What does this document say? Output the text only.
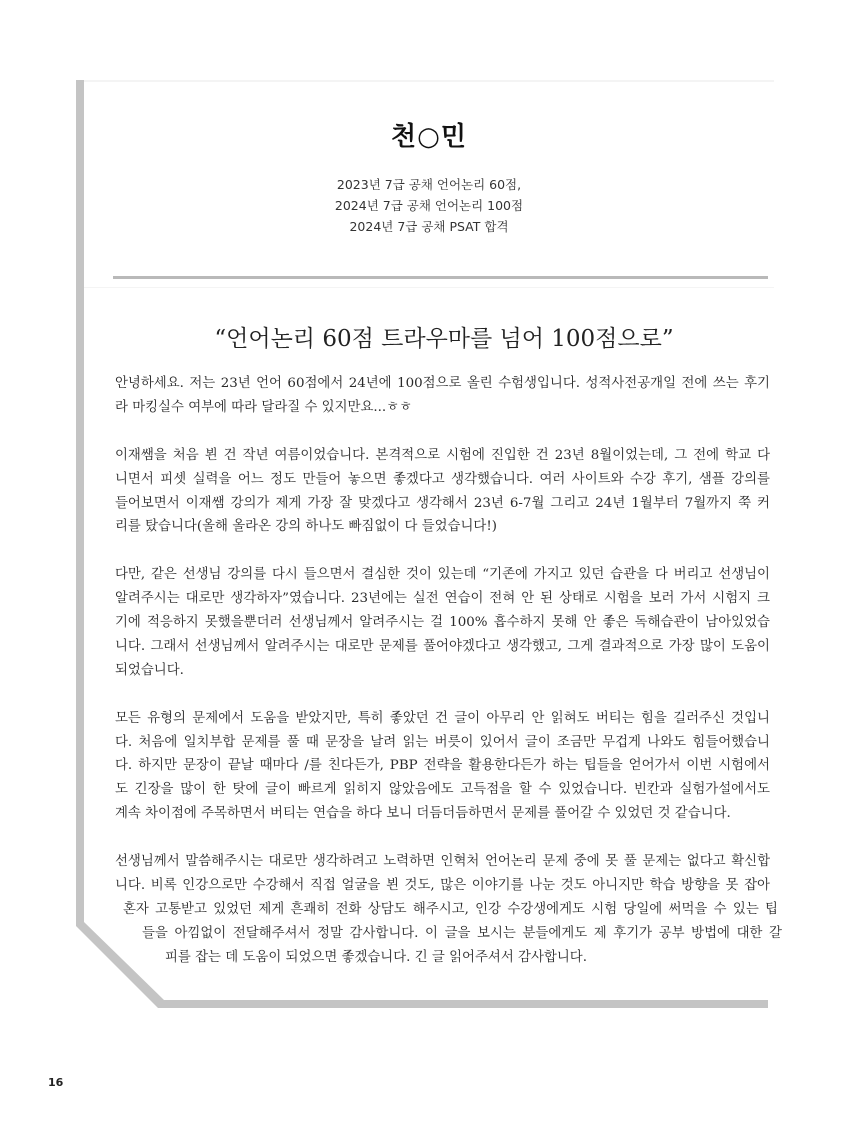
천○민
2023년 7급 공채 언어논리 60점,
2024년 7급 공채 언어논리 100점
2024년 7급 공채 PSAT 합격
“언어논리 60점 트라우마를 넘어 100점으로”

안녕하세요. 저는 23년 언어 60점에서 24년에 100점으로 올린 수험생입니다. 성적사전공개일 전에 쓰는 후기
라 마킹실수 여부에 따라 달라질 수 있지만요...ㅎㅎ

이재쌤을 처음 뵌 건 작년 여름이었습니다. 본격적으로 시험에 진입한 건 23년 8월이었는데, 그 전에 학교 다
니면서 피셋 실력을 어느 정도 만들어 놓으면 좋겠다고 생각했습니다. 여러 사이트와 수강 후기, 샘플 강의를
들어보면서 이재쌤 강의가 제게 가장 잘 맞겠다고 생각해서 23년 6-7월 그리고 24년 1월부터 7월까지 쭉 커
리를 탔습니다(올해 올라온 강의 하나도 빠짐없이 다 들었습니다!)

다만, 같은 선생님 강의를 다시 들으면서 결심한 것이 있는데 “기존에 가지고 있던 습관을 다 버리고 선생님이
알려주시는 대로만 생각하자”였습니다. 23년에는 실전 연습이 전혀 안 된 상태로 시험을 보러 가서 시험지 크
기에 적응하지 못했을뿐더러 선생님께서 알려주시는 걸 100% 흡수하지 못해 안 좋은 독해습관이 남아있었습
니다. 그래서 선생님께서 알려주시는 대로만 문제를 풀어야겠다고 생각했고, 그게 결과적으로 가장 많이 도움이
되었습니다.

모든 유형의 문제에서 도움을 받았지만, 특히 좋았던 건 글이 아무리 안 읽혀도 버티는 힘을 길러주신 것입니
다. 처음에 일치부합 문제를 풀 때 문장을 날려 읽는 버릇이 있어서 글이 조금만 무겁게 나와도 힘들어했습니
다. 하지만 문장이 끝날 때마다 /를 친다든가, PBP 전략을 활용한다든가 하는 팁들을 얻어가서 이번 시험에서
도 긴장을 많이 한 탓에 글이 빠르게 읽히지 않았음에도 고득점을 할 수 있었습니다. 빈칸과 실험가설에서도
계속 차이점에 주목하면서 버티는 연습을 하다 보니 더듬더듬하면서 문제를 풀어갈 수 있었던 것 같습니다.

선생님께서 말씀해주시는 대로만 생각하려고 노력하면 인혁처 언어논리 문제 중에 못 풀 문제는 없다고 확신합
니다. 비록 인강으로만 수강해서 직접 얼굴을 뵌 것도, 많은 이야기를 나눈 것도 아니지만 학습 방향을 못 잡아
혼자 고통받고 있었던 제게 흔쾌히 전화 상담도 해주시고, 인강 수강생에게도 시험 당일에 써먹을 수 있는 팁
들을 아낌없이 전달해주셔서 정말 감사합니다. 이 글을 보시는 분들에게도 제 후기가 공부 방법에 대한 갈
피를 잡는 데 도움이 되었으면 좋겠습니다. 긴 글 읽어주셔서 감사합니다.

16
